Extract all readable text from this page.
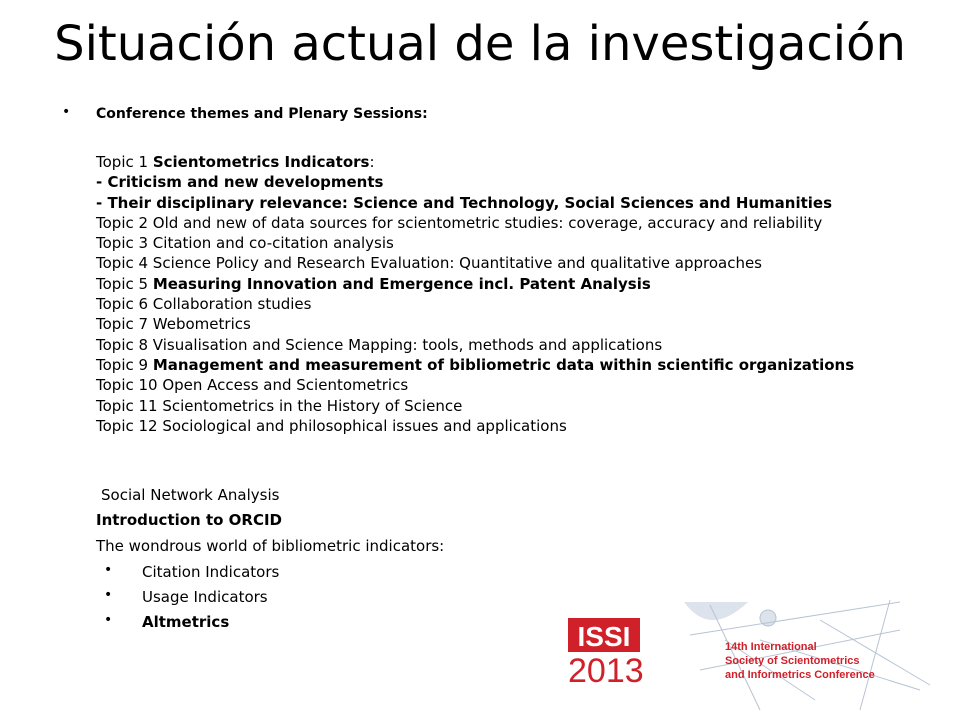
Situación actual de la investigación
• Conference themes and Plenary Sessions:
Topic 1 Scientometrics Indicators:
- Criticism and new developments
- Their disciplinary relevance: Science and Technology, Social Sciences and Humanities
Topic 2 Old and new of data sources for scientometric studies: coverage, accuracy and reliability
Topic 3 Citation and co-citation analysis
Topic 4 Science Policy and Research Evaluation: Quantitative and qualitative approaches
Topic 5 Measuring Innovation and Emergence incl. Patent Analysis
Topic 6 Collaboration studies
Topic 7 Webometrics
Topic 8 Visualisation and Science Mapping: tools, methods and applications
Topic 9 Management and measurement of bibliometric data within scientific organizations
Topic 10 Open Access and Scientometrics
Topic 11 Scientometrics in the History of Science
Topic 12 Sociological and philosophical issues and applications
Social Network Analysis
Introduction to ORCID
The wondrous world of bibliometric indicators:
• Citation Indicators
• Usage Indicators
• Altmetrics	ISSI
2013
14th International
Society of Scientometrics
and Informetrics Conference
